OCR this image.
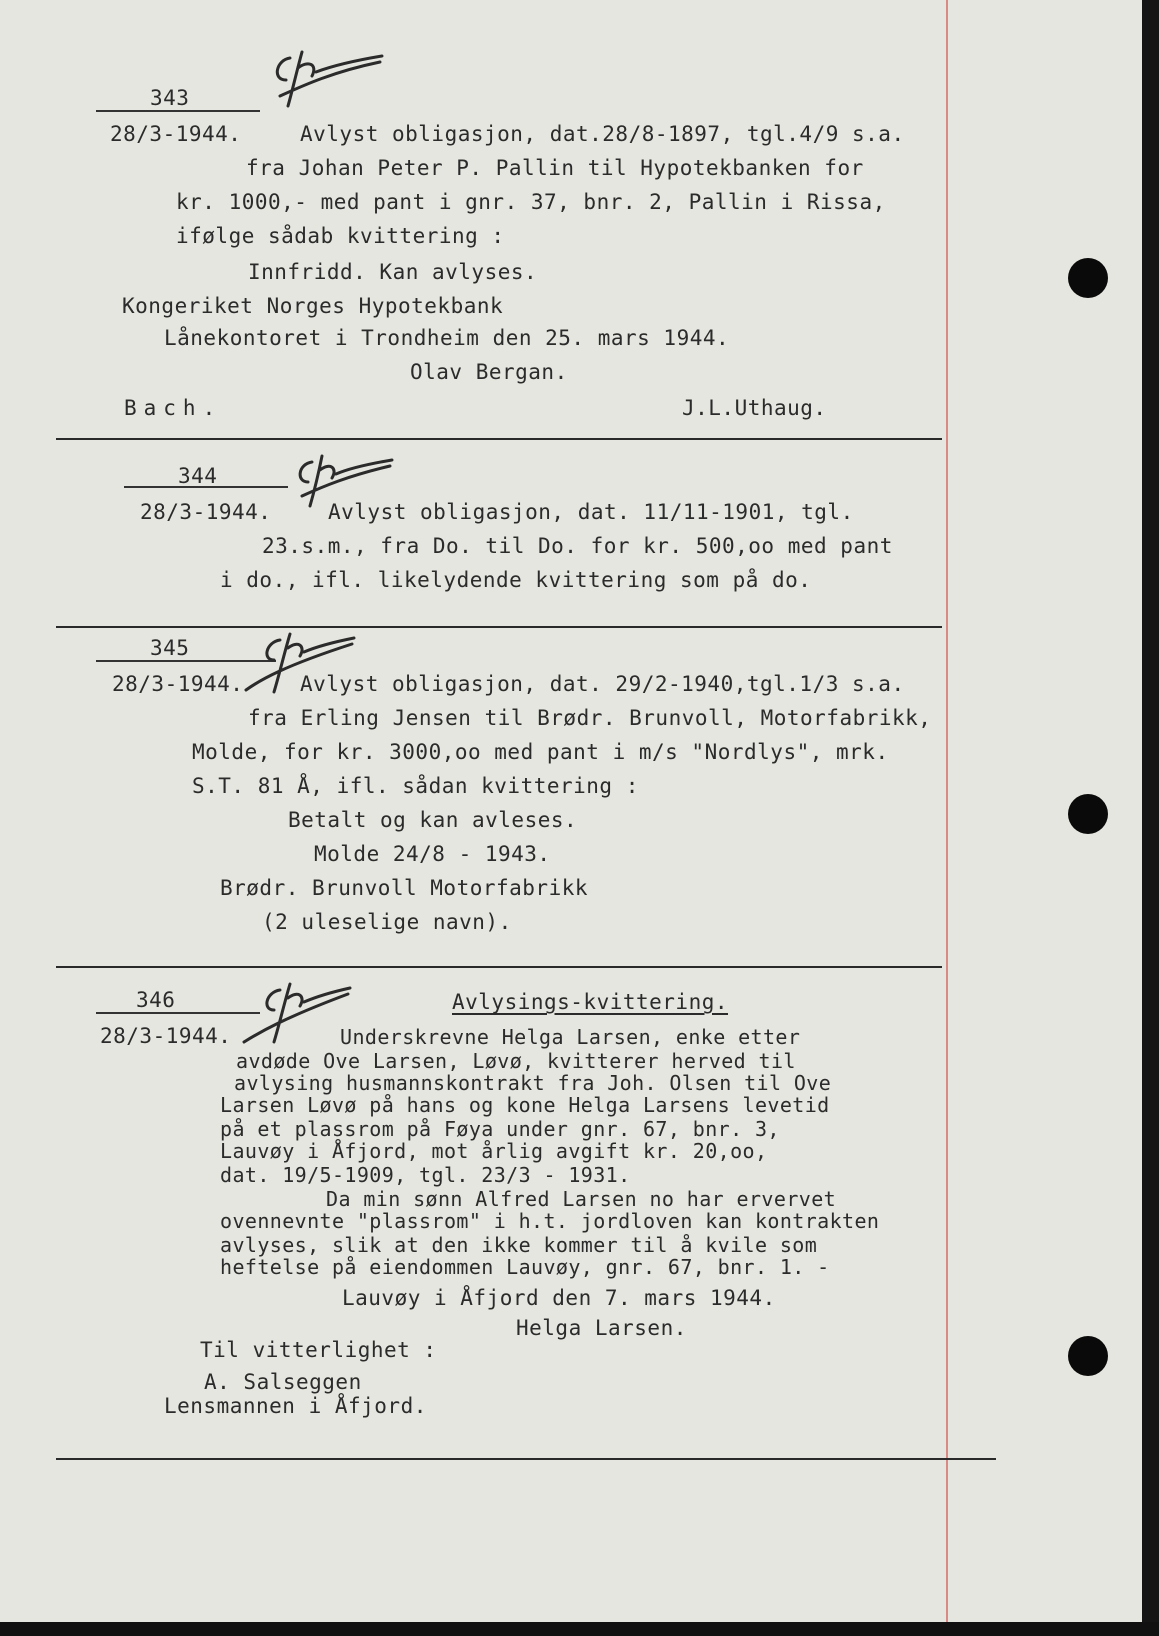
343
28/3-1944.	Avlyst obligasjon, dat.28/8-1897, tgl.4/9 s.a.
fra Johan Peter P. Pallin til Hypotekbanken for
kr. 1000,- med pant i gnr. 37, bnr. 2, Pallin i Rissa,
ifølge sådab kvittering :
Innfridd. Kan avlyses.
Kongeriket Norges Hypotekbank
Lånekontoret i Trondheim den 25. mars 1944.
Olav Bergan.
Bach.	J.L.Uthaug.
344
28/3-1944.	Avlyst obligasjon, dat. 11/11-1901, tgl.
23.s.m., fra Do. til Do. for kr. 500,oo med pant
i do., ifl. likelydende kvittering som på do.
345
28/3-1944.	Avlyst obligasjon, dat. 29/2-1940,tgl.1/3 s.a.
fra Erling Jensen til Brødr. Brunvoll, Motorfabrikk,
Molde, for kr. 3000,oo med pant i m/s "Nordlys", mrk.
S.T. 81 Å, ifl. sådan kvittering :
Betalt og kan avleses.
Molde 24/8 - 1943.
Brødr. Brunvoll Motorfabrikk
(2 uleselige navn).
346	Avlysings-kvittering.
28/3-1944.	Underskrevne Helga Larsen, enke etter
avdøde Ove Larsen, Løvø, kvitterer herved til
avlysing husmannskontrakt fra Joh. Olsen til Ove
Larsen Løvø på hans og kone Helga Larsens levetid
på et plassrom på Føya under gnr. 67, bnr. 3,
Lauvøy i Åfjord, mot årlig avgift kr. 20,oo,
dat. 19/5-1909, tgl. 23/3 - 1931.
Da min sønn Alfred Larsen no har ervervet
ovennevnte "plassrom" i h.t. jordloven kan kontrakten
avlyses, slik at den ikke kommer til å kvile som
heftelse på eiendommen Lauvøy, gnr. 67, bnr. 1. -
Lauvøy i Åfjord den 7. mars 1944.
Helga Larsen.
Til vitterlighet :
A. Salseggen
Lensmannen i Åfjord.
